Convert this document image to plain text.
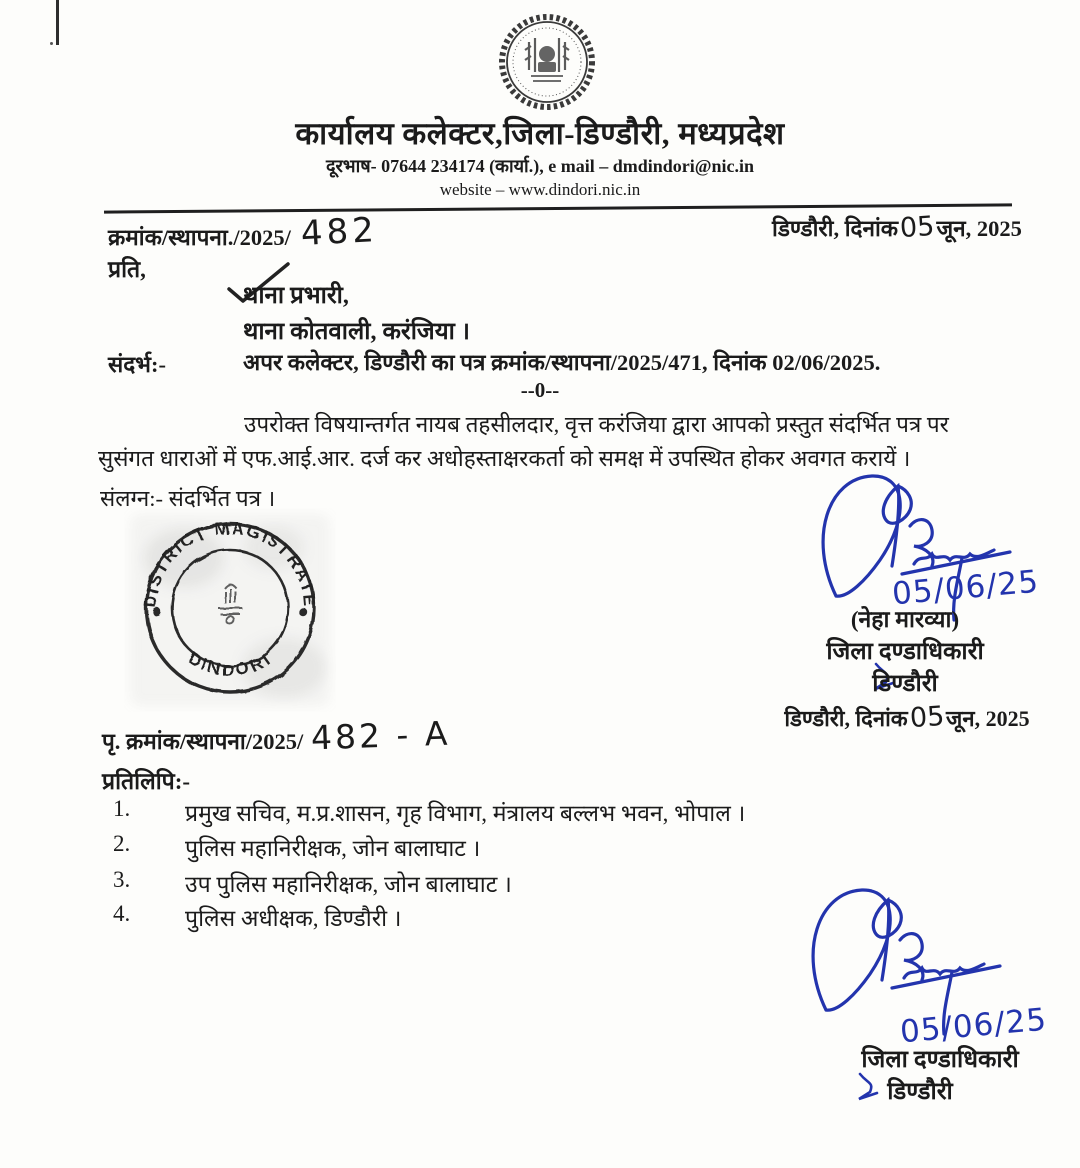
कार्यालय कलेक्टर,जिला-डिण्डौरी, मध्यप्रदेश
दूरभाष- 07644 234174 (कार्या.), e mail – dmdindori@nic.in
website – www.dindori.nic.in
क्रमांक/स्थापना./2025/ 482	डिण्डौरी, दिनांक05जून, 2025
प्रति,
थाना प्रभारी,
थाना कोतवाली, करंजिया ।
संदर्भ:-	अपर कलेक्टर, डिण्डौरी का पत्र क्रमांक/स्थापना/2025/471, दिनांक 02/06/2025.
--0--
उपरोक्त विषयान्तर्गत नायब तहसीलदार, वृत्त करंजिया द्वारा आपको प्रस्तुत संदर्भित पत्र पर सुसंगत धाराओं में एफ.आई.आर. दर्ज कर अधोहस्ताक्षरकर्ता को समक्ष में उपस्थित होकर अवगत करायें ।
संलग्न:- संदर्भित पत्र ।
DISTRICT MAGISTRATE
DINDORI
05/06/25
(नेहा मारव्या)
जिला दण्डाधिकारी
डिण्डौरी
डिण्डौरी, दिनांक05जून, 2025
पृ. क्रमांक/स्थापना/2025/ 482 - A
प्रतिलिपि:-
1. प्रमुख सचिव, म.प्र.शासन, गृह विभाग, मंत्रालय बल्लभ भवन, भोपाल ।
2. पुलिस महानिरीक्षक, जोन बालाघाट ।
3. उप पुलिस महानिरीक्षक, जोन बालाघाट ।
4. पुलिस अधीक्षक, डिण्डौरी ।
05/06/25
जिला दण्डाधिकारी
डिण्डौरी
